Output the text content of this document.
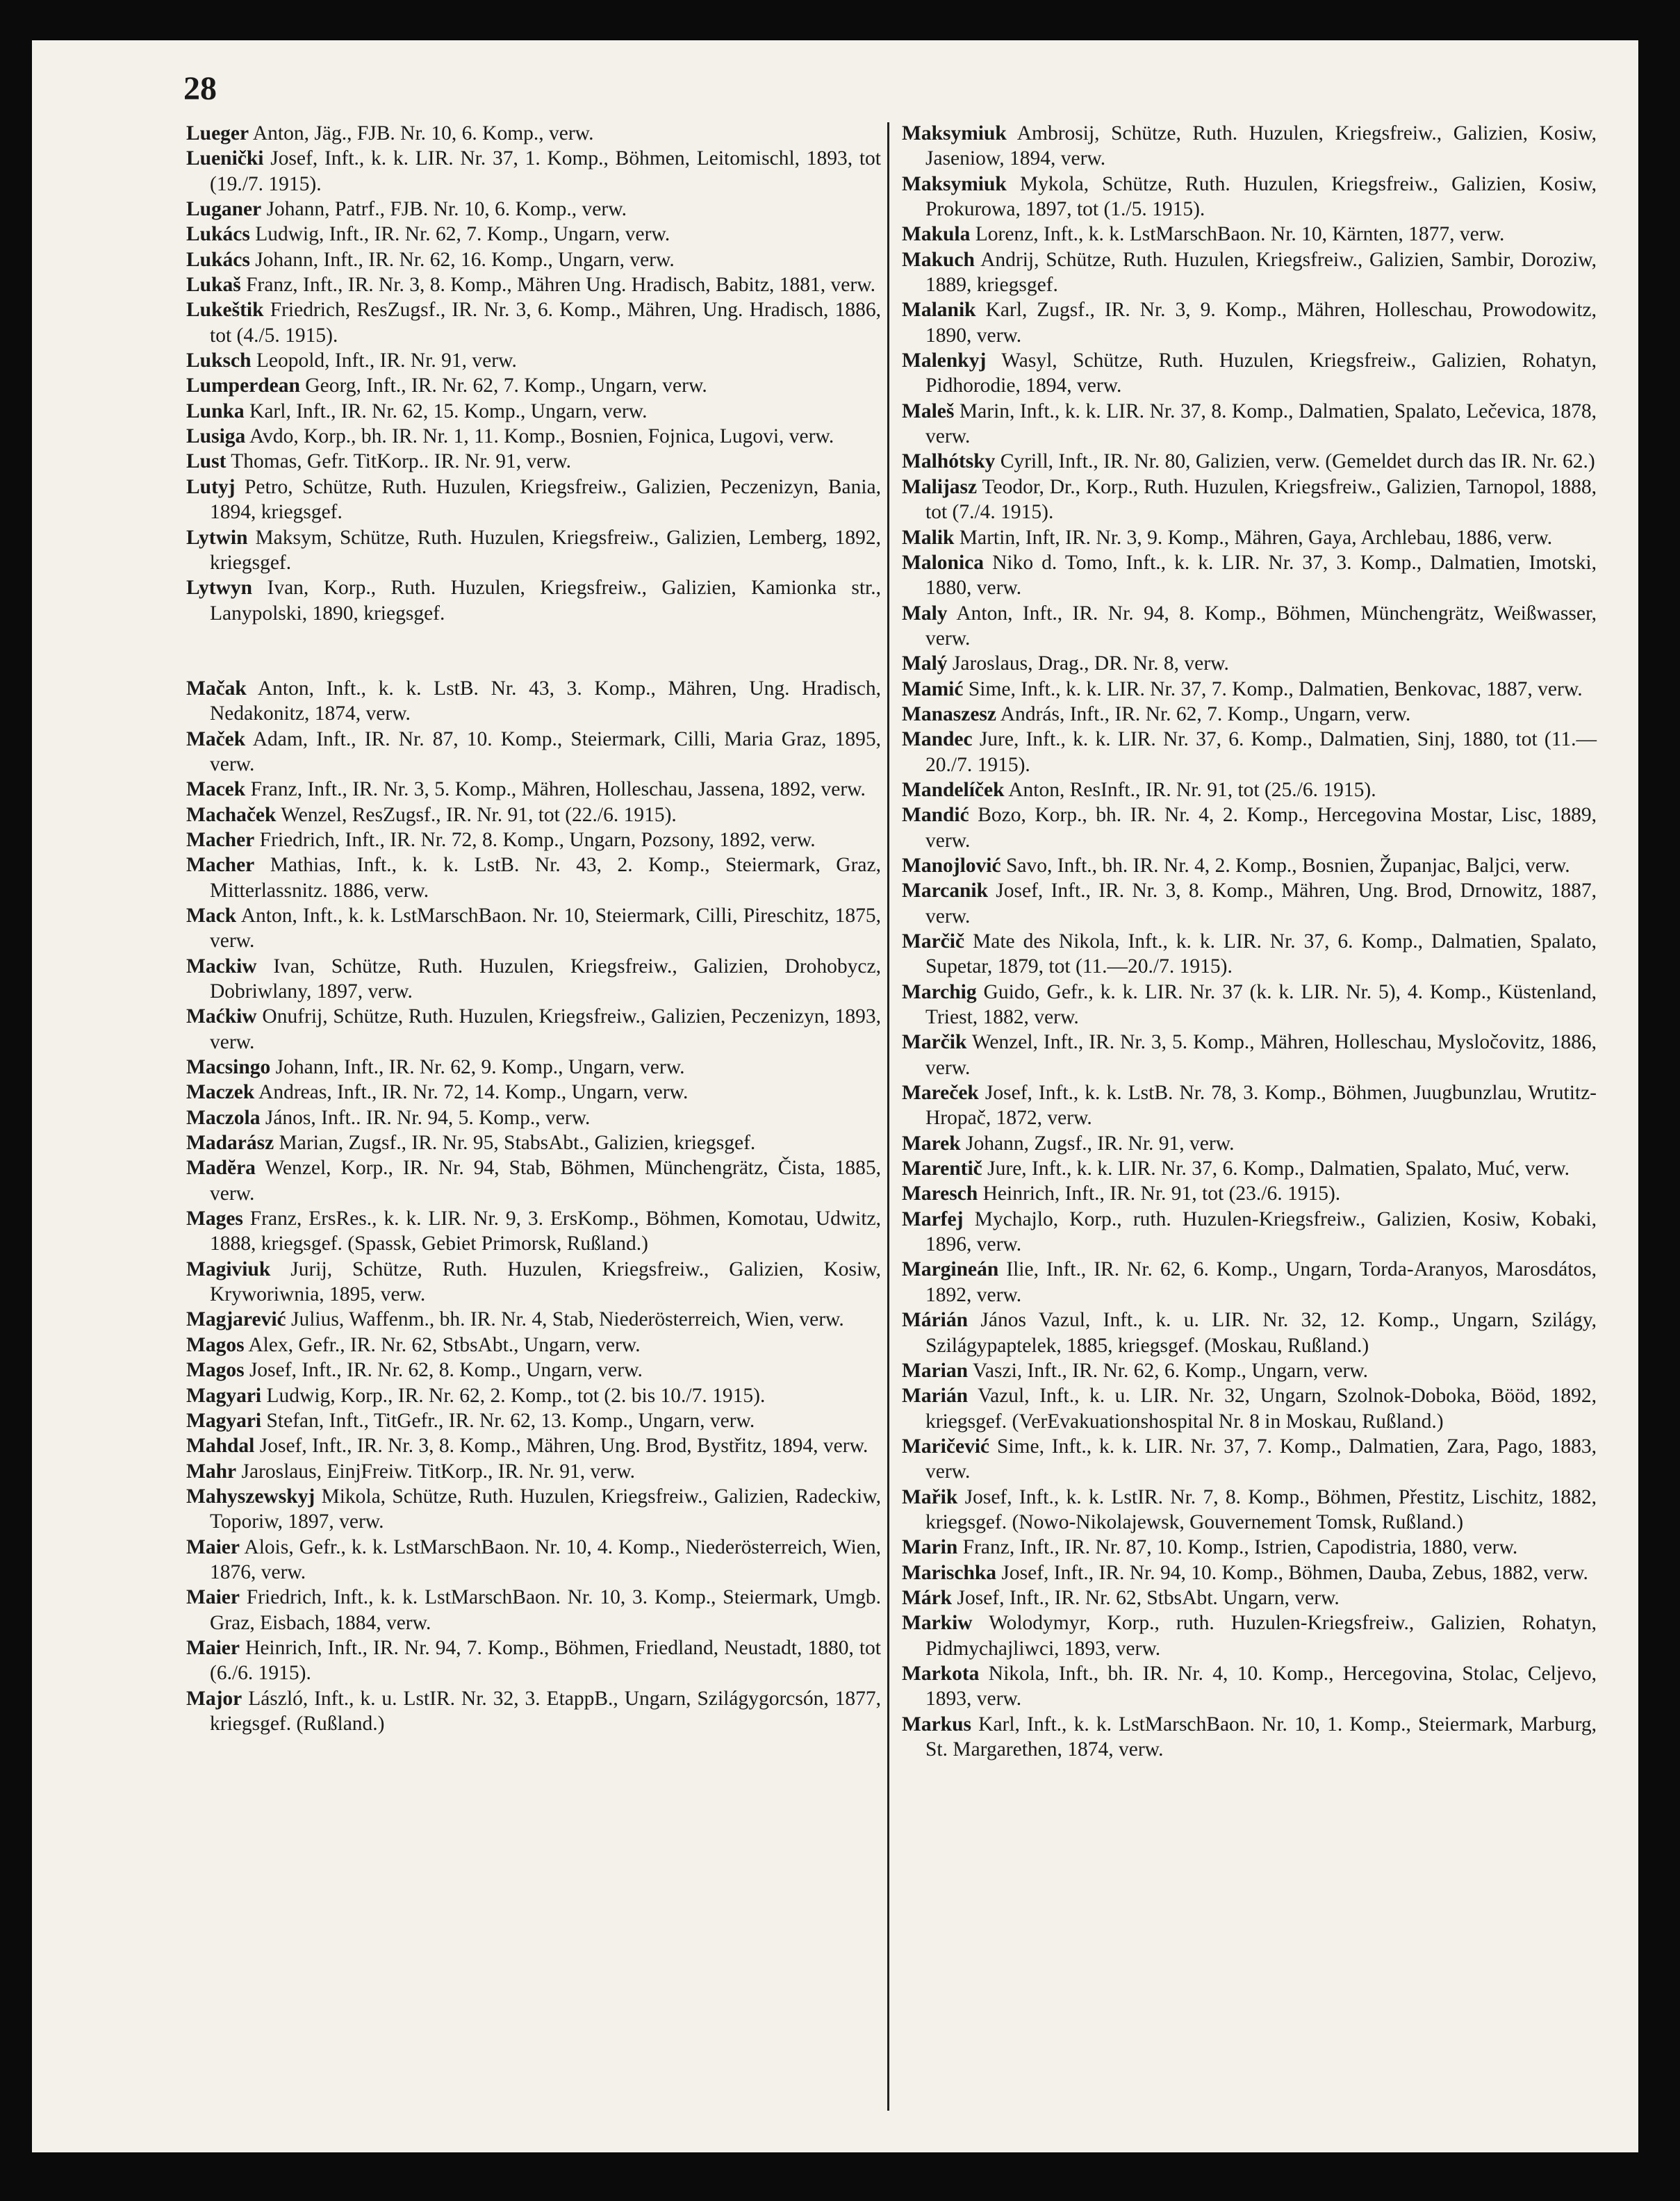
28

Lueger Anton, Jäg., FJB. Nr. 10, 6. Komp., verw.

Luenički Josef, Inft., k. k. LIR. Nr. 37, 1. Komp., Böhmen, Leitomischl, 1893, tot (19./7. 1915).

Luganer Johann, Patrf., FJB. Nr. 10, 6. Komp., verw.

Lukács Ludwig, Inft., IR. Nr. 62, 7. Komp., Ungarn, verw.

Lukács Johann, Inft., IR. Nr. 62, 16. Komp., Ungarn, verw.

Lukaš Franz, Inft., IR. Nr. 3, 8. Komp., Mähren Ung. Hradisch, Babitz, 1881, verw.

Lukeštik Friedrich, ResZugsf., IR. Nr. 3, 6. Komp., Mähren, Ung. Hradisch, 1886, tot (4./5. 1915).

Luksch Leopold, Inft., IR. Nr. 91, verw.

Lumperdean Georg, Inft., IR. Nr. 62, 7. Komp., Ungarn, verw.

Lunka Karl, Inft., IR. Nr. 62, 15. Komp., Ungarn, verw.

Lusiga Avdo, Korp., bh. IR. Nr. 1, 11. Komp., Bosnien, Fojnica, Lugovi, verw.

Lust Thomas, Gefr. TitKorp.. IR. Nr. 91, verw.

Lutyj Petro, Schütze, Ruth. Huzulen, Kriegsfreiw., Galizien, Peczenizyn, Bania, 1894, kriegsgef.

Lytwin Maksym, Schütze, Ruth. Huzulen, Kriegsfreiw., Galizien, Lemberg, 1892, kriegsgef.

Lytwyn Ivan, Korp., Ruth. Huzulen, Kriegsfreiw., Galizien, Kamionka str., Lanypolski, 1890, kriegsgef.

Mačak Anton, Inft., k. k. LstB. Nr. 43, 3. Komp., Mähren, Ung. Hradisch, Nedakonitz, 1874, verw.

Maček Adam, Inft., IR. Nr. 87, 10. Komp., Steiermark, Cilli, Maria Graz, 1895, verw.

Macek Franz, Inft., IR. Nr. 3, 5. Komp., Mähren, Holleschau, Jassena, 1892, verw.

Machaček Wenzel, ResZugsf., IR. Nr. 91, tot (22./6. 1915).

Macher Friedrich, Inft., IR. Nr. 72, 8. Komp., Ungarn, Pozsony, 1892, verw.

Macher Mathias, Inft., k. k. LstB. Nr. 43, 2. Komp., Steiermark, Graz, Mitterlassnitz. 1886, verw.

Mack Anton, Inft., k. k. LstMarschBaon. Nr. 10, Steiermark, Cilli, Pireschitz, 1875, verw.

Mackiw Ivan, Schütze, Ruth. Huzulen, Kriegsfreiw., Galizien, Drohobycz, Dobriwlany, 1897, verw.

Maćkiw Onufrij, Schütze, Ruth. Huzulen, Kriegsfreiw., Galizien, Peczenizyn, 1893, verw.

Macsingo Johann, Inft., IR. Nr. 62, 9. Komp., Ungarn, verw.

Maczek Andreas, Inft., IR. Nr. 72, 14. Komp., Ungarn, verw.

Maczola János, Inft.. IR. Nr. 94, 5. Komp., verw.

Madarász Marian, Zugsf., IR. Nr. 95, StabsAbt., Galizien, kriegsgef.

Madĕra Wenzel, Korp., IR. Nr. 94, Stab, Böhmen, Münchengrätz, Čista, 1885, verw.

Mages Franz, ErsRes., k. k. LIR. Nr. 9, 3. ErsKomp., Böhmen, Komotau, Udwitz, 1888, kriegsgef. (Spassk, Gebiet Primorsk, Rußland.)

Magiviuk Jurij, Schütze, Ruth. Huzulen, Kriegsfreiw., Galizien, Kosiw, Kryworiwnia, 1895, verw.

Magjarević Julius, Waffenm., bh. IR. Nr. 4, Stab, Niederösterreich, Wien, verw.

Magos Alex, Gefr., IR. Nr. 62, StbsAbt., Ungarn, verw.

Magos Josef, Inft., IR. Nr. 62, 8. Komp., Ungarn, verw.

Magyari Ludwig, Korp., IR. Nr. 62, 2. Komp., tot (2. bis 10./7. 1915).

Magyari Stefan, Inft., TitGefr., IR. Nr. 62, 13. Komp., Ungarn, verw.

Mahdal Josef, Inft., IR. Nr. 3, 8. Komp., Mähren, Ung. Brod, Bystřitz, 1894, verw.

Mahr Jaroslaus, EinjFreiw. TitKorp., IR. Nr. 91, verw.

Mahyszewskyj Mikola, Schütze, Ruth. Huzulen, Kriegsfreiw., Galizien, Radeckiw, Toporiw, 1897, verw.

Maier Alois, Gefr., k. k. LstMarschBaon. Nr. 10, 4. Komp., Niederösterreich, Wien, 1876, verw.

Maier Friedrich, Inft., k. k. LstMarschBaon. Nr. 10, 3. Komp., Steiermark, Umgb. Graz, Eisbach, 1884, verw.

Maier Heinrich, Inft., IR. Nr. 94, 7. Komp., Böhmen, Friedland, Neustadt, 1880, tot (6./6. 1915).

Major László, Inft., k. u. LstIR. Nr. 32, 3. EtappB., Ungarn, Szilágygorcsón, 1877, kriegsgef. (Rußland.)

Maksymiuk Ambrosij, Schütze, Ruth. Huzulen, Kriegsfreiw., Galizien, Kosiw, Jaseniow, 1894, verw.

Maksymiuk Mykola, Schütze, Ruth. Huzulen, Kriegsfreiw., Galizien, Kosiw, Prokurowa, 1897, tot (1./5. 1915).

Makula Lorenz, Inft., k. k. LstMarschBaon. Nr. 10, Kärnten, 1877, verw.

Makuch Andrij, Schütze, Ruth. Huzulen, Kriegsfreiw., Galizien, Sambir, Doroziw, 1889, kriegsgef.

Malanik Karl, Zugsf., IR. Nr. 3, 9. Komp., Mähren, Holleschau, Prowodowitz, 1890, verw.

Malenkyj Wasyl, Schütze, Ruth. Huzulen, Kriegsfreiw., Galizien, Rohatyn, Pidhorodie, 1894, verw.

Maleš Marin, Inft., k. k. LIR. Nr. 37, 8. Komp., Dalmatien, Spalato, Lečevica, 1878, verw.

Malhótsky Cyrill, Inft., IR. Nr. 80, Galizien, verw. (Gemeldet durch das IR. Nr. 62.)

Malijasz Teodor, Dr., Korp., Ruth. Huzulen, Kriegsfreiw., Galizien, Tarnopol, 1888, tot (7./4. 1915).

Malik Martin, Inft, IR. Nr. 3, 9. Komp., Mähren, Gaya, Archlebau, 1886, verw.

Malonica Niko d. Tomo, Inft., k. k. LIR. Nr. 37, 3. Komp., Dalmatien, Imotski, 1880, verw.

Maly Anton, Inft., IR. Nr. 94, 8. Komp., Böhmen, Münchengrätz, Weißwasser, verw.

Malý Jaroslaus, Drag., DR. Nr. 8, verw.

Mamić Sime, Inft., k. k. LIR. Nr. 37, 7. Komp., Dalmatien, Benkovac, 1887, verw.

Manaszesz András, Inft., IR. Nr. 62, 7. Komp., Ungarn, verw.

Mandec Jure, Inft., k. k. LIR. Nr. 37, 6. Komp., Dalmatien, Sinj, 1880, tot (11.—20./7. 1915).

Mandelíček Anton, ResInft., IR. Nr. 91, tot (25./6. 1915).

Mandić Bozo, Korp., bh. IR. Nr. 4, 2. Komp., Hercegovina Mostar, Lisc, 1889, verw.

Manojlović Savo, Inft., bh. IR. Nr. 4, 2. Komp., Bosnien, Županjac, Baljci, verw.

Marcanik Josef, Inft., IR. Nr. 3, 8. Komp., Mähren, Ung. Brod, Drnowitz, 1887, verw.

Marčič Mate des Nikola, Inft., k. k. LIR. Nr. 37, 6. Komp., Dalmatien, Spalato, Supetar, 1879, tot (11.—20./7. 1915).

Marchig Guido, Gefr., k. k. LIR. Nr. 37 (k. k. LIR. Nr. 5), 4. Komp., Küstenland, Triest, 1882, verw.

Marčik Wenzel, Inft., IR. Nr. 3, 5. Komp., Mähren, Holleschau, Mysločovitz, 1886, verw.

Mareček Josef, Inft., k. k. LstB. Nr. 78, 3. Komp., Böhmen, Juugbunzlau, Wrutitz-Hropač, 1872, verw.

Marek Johann, Zugsf., IR. Nr. 91, verw.

Marentič Jure, Inft., k. k. LIR. Nr. 37, 6. Komp., Dalmatien, Spalato, Muć, verw.

Maresch Heinrich, Inft., IR. Nr. 91, tot (23./6. 1915).

Marfej Mychajlo, Korp., ruth. Huzulen-Kriegsfreiw., Galizien, Kosiw, Kobaki, 1896, verw.

Margineán Ilie, Inft., IR. Nr. 62, 6. Komp., Ungarn, Torda-Aranyos, Marosdátos, 1892, verw.

Márián János Vazul, Inft., k. u. LIR. Nr. 32, 12. Komp., Ungarn, Szilágy, Szilágypaptelek, 1885, kriegsgef. (Moskau, Rußland.)

Marian Vaszi, Inft., IR. Nr. 62, 6. Komp., Ungarn, verw.

Marián Vazul, Inft., k. u. LIR. Nr. 32, Ungarn, Szolnok-Doboka, Bööd, 1892, kriegsgef. (VerEvakuationshospital Nr. 8 in Moskau, Rußland.)

Maričević Sime, Inft., k. k. LIR. Nr. 37, 7. Komp., Dalmatien, Zara, Pago, 1883, verw.

Mařik Josef, Inft., k. k. LstIR. Nr. 7, 8. Komp., Böhmen, Přestitz, Lischitz, 1882, kriegsgef. (Nowo-Nikolajewsk, Gouvernement Tomsk, Rußland.)

Marin Franz, Inft., IR. Nr. 87, 10. Komp., Istrien, Capodistria, 1880, verw.

Marischka Josef, Inft., IR. Nr. 94, 10. Komp., Böhmen, Dauba, Zebus, 1882, verw.

Márk Josef, Inft., IR. Nr. 62, StbsAbt. Ungarn, verw.

Markiw Wolodymyr, Korp., ruth. Huzulen-Kriegsfreiw., Galizien, Rohatyn, Pidmychajliwci, 1893, verw.

Markota Nikola, Inft., bh. IR. Nr. 4, 10. Komp., Hercegovina, Stolac, Celjevo, 1893, verw.

Markus Karl, Inft., k. k. LstMarschBaon. Nr. 10, 1. Komp., Steiermark, Marburg, St. Margarethen, 1874, verw.
